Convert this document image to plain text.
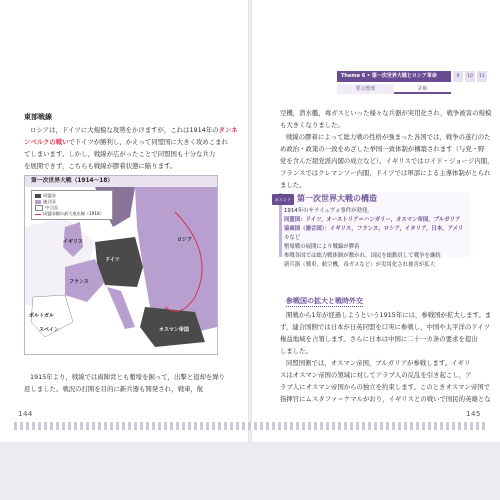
東部戦線
ロシアは，ドイツに大規模な攻勢をかけますが，これは1914年のタンネ
ンベルクの戦いでドイツが勝利し，かえって同盟国に大きく攻めこまれ
てしまいます。しかし，戦線が広がったことで同盟国も十分な兵力
を展開できず，こちらも戦線が膠着状態に陥ります。
第一次世界大戦（1914〜18）
同盟国
連合国
中立国
同盟国側の最大進出線（1918）
ロシア
ドイツ
フランス
ポルトガル
オスマン帝国
イギリス
スペイン
1915年より，戦線では両陣営とも塹壕を掘って，出撃と退却を繰り
返しました。戦況の打開を目的に新兵器も開発され，戦車，航
144
Theme 6 • 第一次世界大戦とロシア革命	9	10	11
要点整理	詳解
空機，潜水艦，毒ガスといった様々な兵器が実用化され，戦争被害の規模
も大きくなりました。
戦線の膠着によって総力戦の性格が強まった各国では，戦争の遂行のた
め政治・政策の一致をめざした挙国一致体制が構築されます（与党・野
党を含んだ超党派内閣の成立など）。イギリスではロイド・ジョージ内閣，
フランスではクレマンソー内閣，ドイツでは軍部による主導体制がとられ
ました。
ポイント 第一次世界大戦の構造
1914年のサライェヴォ事件が勃発。
同盟国：ドイツ，オーストリア＝ハンガリー，オスマン帝国，ブルガリア
協商国（連合国）：イギリス，フランス，ロシア，イタリア，日本，アメリ
カなど
塹壕戦の展開により戦線が膠着
参戦各国では総力戦体制が敷かれ，国民を総動員して戦争を継続
新兵器（戦車，航空機，毒ガスなど）が実用化され被害が拡大
参戦国の拡大と戦時外交
開戦から1年が経過しようという1915年には，参戦国が拡大します。ま
ず，連合国側では日本が日英同盟を口実に参戦し，中国や太平洋のドイツ
権益地域を占領します。さらに日本は中国に二十一カ条の要求を提出
しました。
同盟国側では，オスマン帝国，ブルガリアが参戦します。イギリ
スはオスマン帝国の領域に対してアラブ人の反乱を引き起こし，ア
ラブ人にオスマン帝国からの独立を約束します。このときオスマン帝国で
指揮官にムスタファ＝ケマルがおり，イギリスとの戦いで国民的英雄とな
145
